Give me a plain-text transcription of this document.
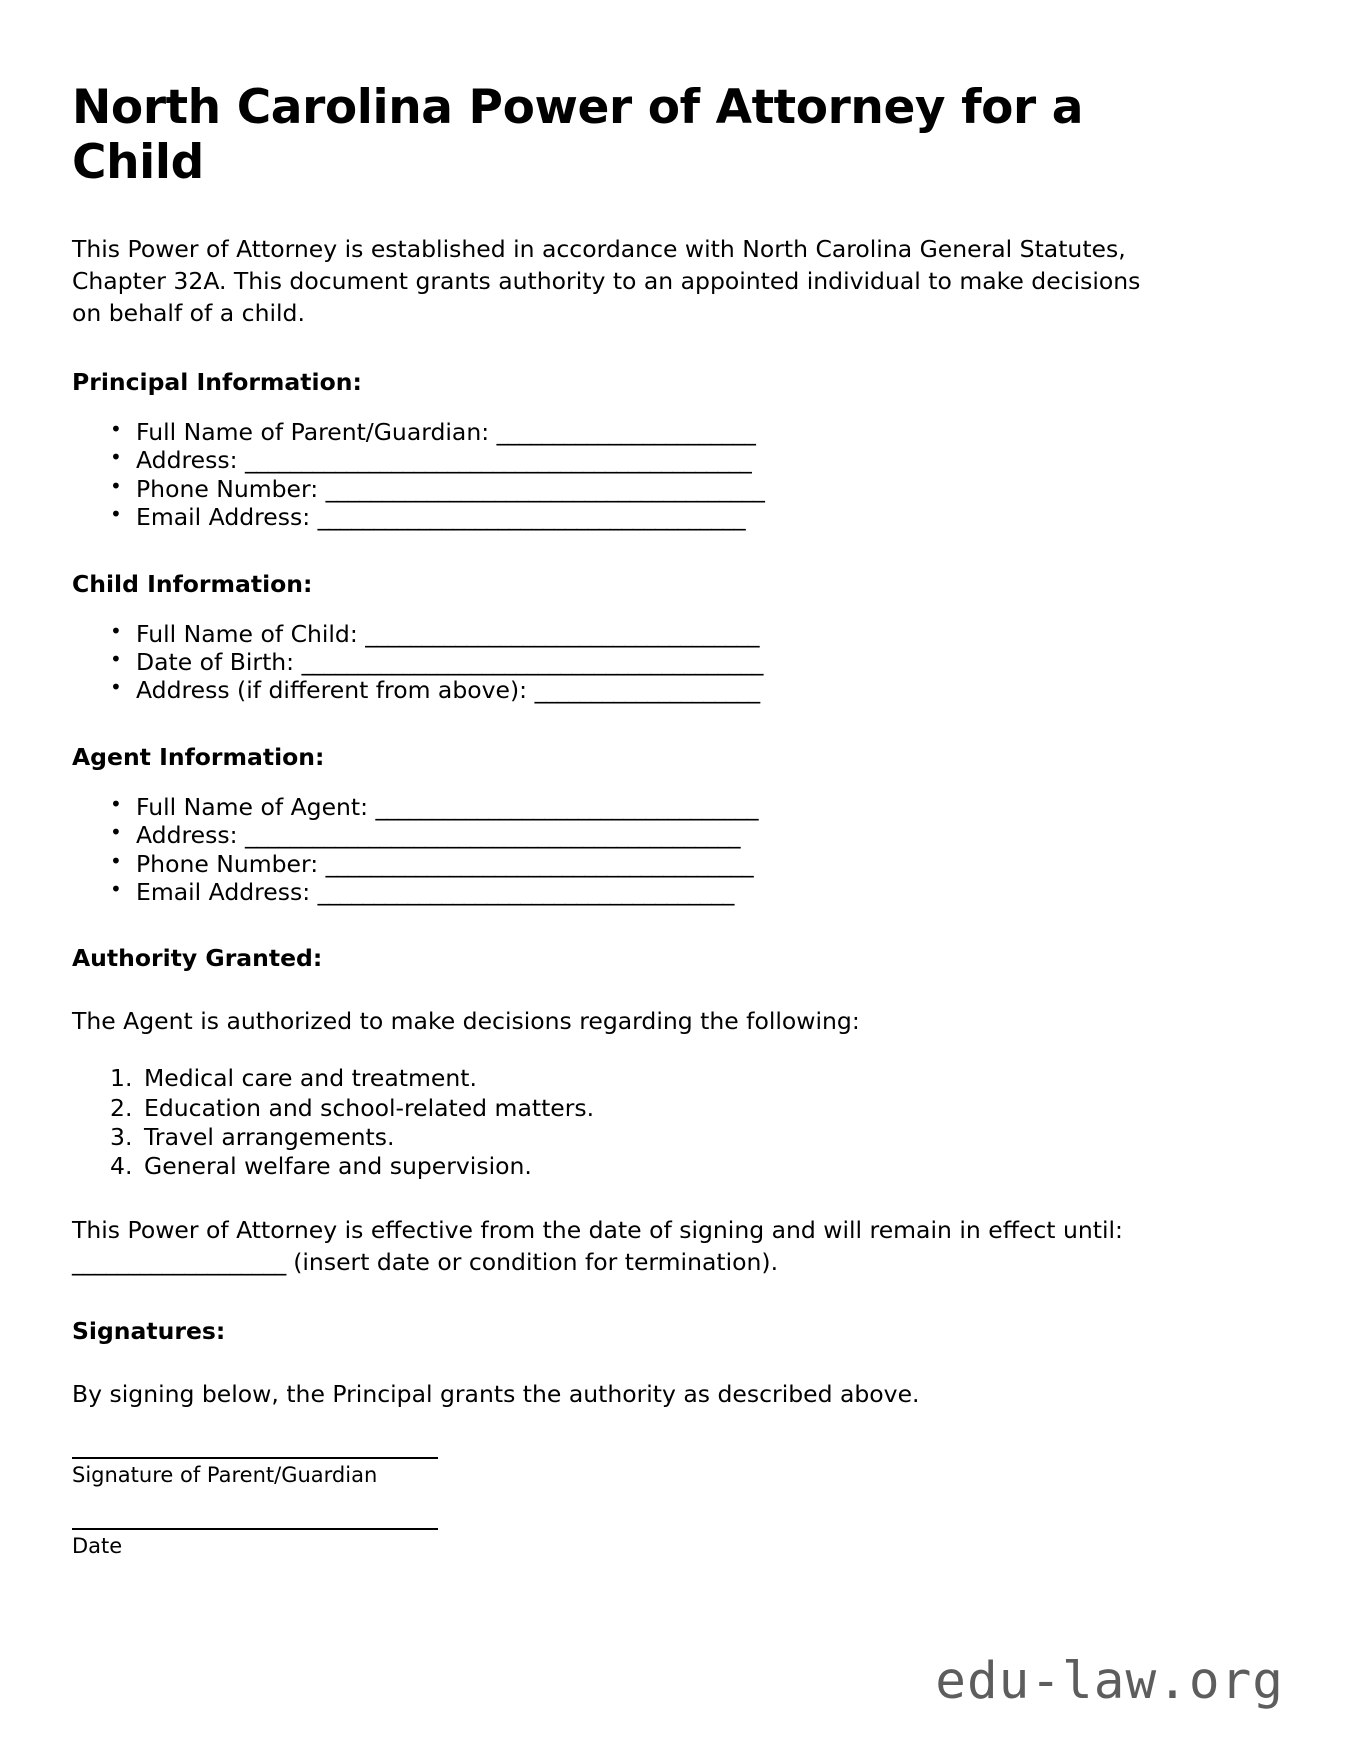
North Carolina Power of Attorney for a Child

This Power of Attorney is established in accordance with North Carolina General Statutes, Chapter 32A. This document grants authority to an appointed individual to make decisions on behalf of a child.

Principal Information:
• Full Name of Parent/Guardian: _______________________
• Address: _____________________________________________
• Phone Number: _______________________________________
• Email Address: ______________________________________
Child Information:
• Full Name of Child: ___________________________________
• Date of Birth: _________________________________________
• Address (if different from above): ____________________
Agent Information:
• Full Name of Agent: __________________________________
• Address: ____________________________________________
• Phone Number: ______________________________________
• Email Address: _____________________________________
Authority Granted:

The Agent is authorized to make decisions regarding the following:

Medical care and treatment.
Education and school-related matters.
Travel arrangements.
General welfare and supervision.

This Power of Attorney is effective from the date of signing and will remain in effect until: ___________________ (insert date or condition for termination).

Signatures:

By signing below, the Principal grants the authority as described above.

Signature of Parent/Guardian
Date
edu-law.org
